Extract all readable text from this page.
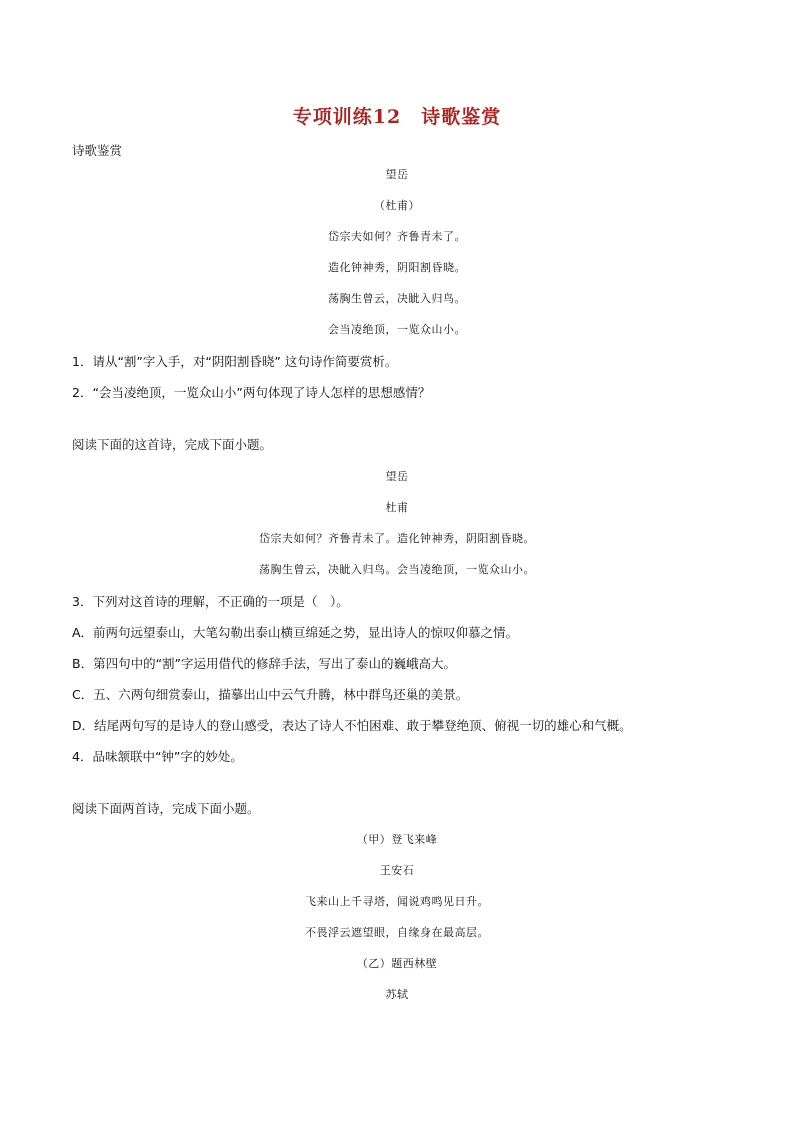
专项训练12　诗歌鉴赏
诗歌鉴赏
望岳
（杜甫）
岱宗夫如何？齐鲁青未了。
造化钟神秀，阴阳割昏晓。
荡胸生曾云，决眦入归鸟。
会当凌绝顶，一览众山小。
1．请从“割”字入手，对“阴阳割昏晓” 这句诗作简要赏析。
2．“会当凌绝顶，一览众山小”两句体现了诗人怎样的思想感情？
阅读下面的这首诗，完成下面小题。
望岳
杜甫
岱宗夫如何？齐鲁青未了。造化钟神秀，阴阳割昏晓。
荡胸生曾云，决眦入归鸟。会当凌绝顶，一览众山小。
3．下列对这首诗的理解，不正确的一项是（　）。
A．前两句远望泰山，大笔勾勒出泰山横亘绵延之势，显出诗人的惊叹仰慕之情。
B．第四句中的“割”字运用借代的修辞手法，写出了泰山的巍峨高大。
C．五、六两句细赏泰山，描摹出山中云气升腾，林中群鸟还巢的美景。
D．结尾两句写的是诗人的登山感受，表达了诗人不怕困难、敢于攀登绝顶、俯视一切的雄心和气概。
4．品味颔联中“钟”字的妙处。
阅读下面两首诗，完成下面小题。
（甲）登飞来峰
王安石
飞来山上千寻塔，闻说鸡鸣见日升。
不畏浮云遮望眼，自缘身在最高层。
（乙）题西林壁
苏轼
